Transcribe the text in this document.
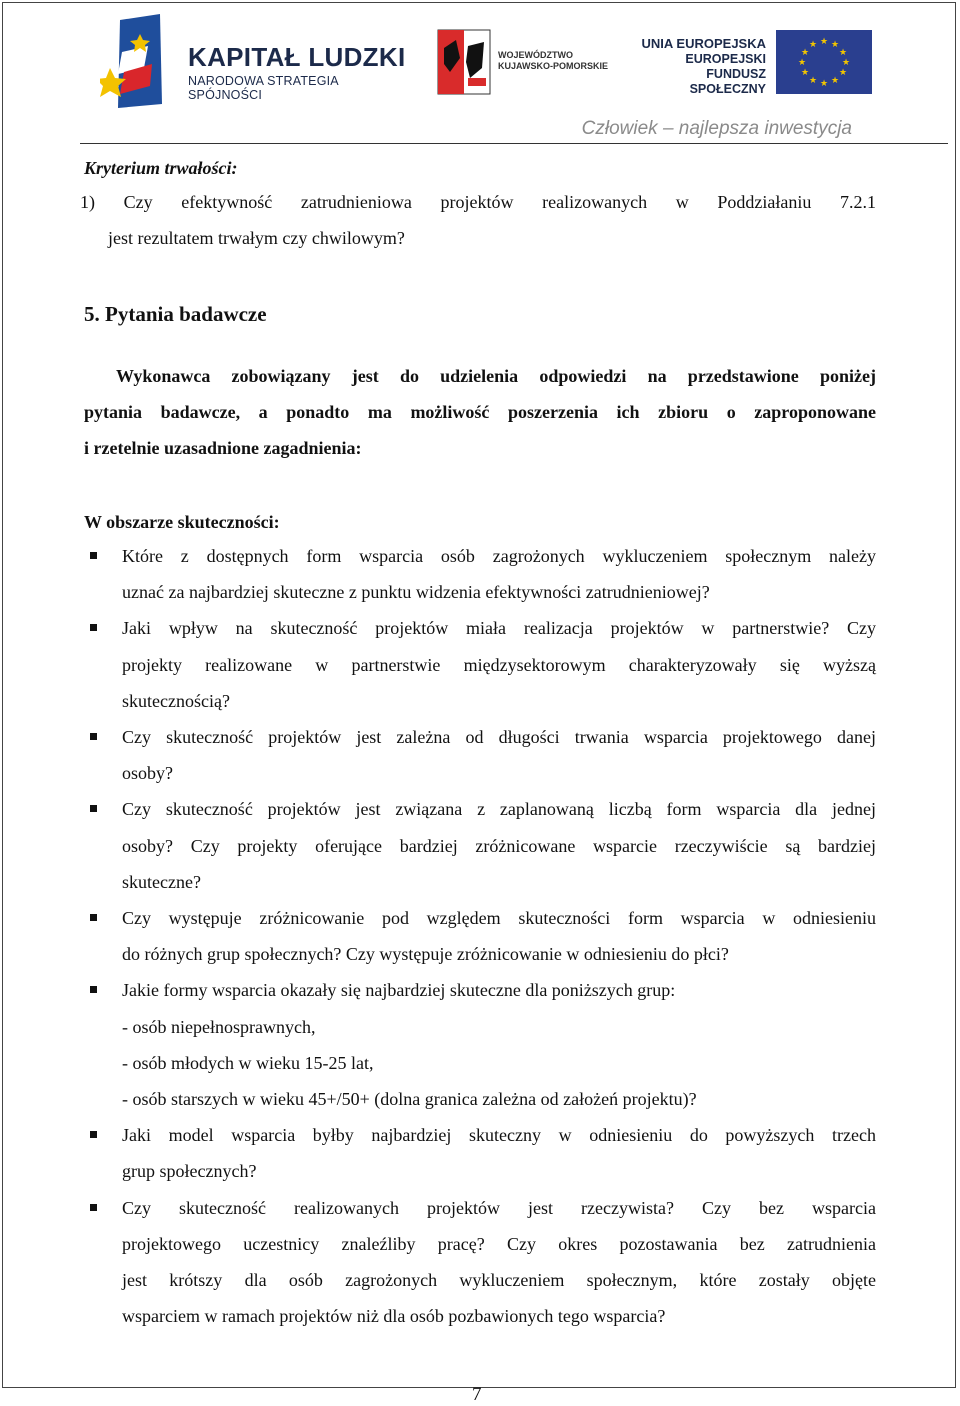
KAPITAŁ LUDZKI
NARODOWA STRATEGIA SPÓJNOŚCI
WOJEWÓDZTWO
KUJAWSKO-POMORSKIE
UNIA EUROPEJSKA
EUROPEJSKI
FUNDUSZ SPOŁECZNY
★ ★
★
★
★
★
★
★
★
★
★
★
Człowiek – najlepsza inwestycja
Kryterium trwałości:
1) Czy efektywność zatrudnieniowa projektów realizowanych w Poddziałaniu 7.2.1
jest rezultatem trwałym czy chwilowym?
5. Pytania badawcze
Wykonawca zobowiązany jest do udzielenia odpowiedzi na przedstawione poniżej
pytania badawcze, a ponadto ma możliwość poszerzenia ich zbioru o zaproponowane
i rzetelnie uzasadnione zagadnienia:
W obszarze skuteczności:
Które z dostępnych form wsparcia osób zagrożonych wykluczeniem społecznym należy
uznać za najbardziej skuteczne z punktu widzenia efektywności zatrudnieniowej?
Jaki wpływ na skuteczność projektów miała realizacja projektów w partnerstwie? Czy
projekty realizowane w partnerstwie międzysektorowym charakteryzowały się wyższą
skutecznością?
Czy skuteczność projektów jest zależna od długości trwania wsparcia projektowego danej
osoby?
Czy skuteczność projektów jest związana z zaplanowaną liczbą form wsparcia dla jednej
osoby? Czy projekty oferujące bardziej zróżnicowane wsparcie rzeczywiście są bardziej
skuteczne?
Czy występuje zróżnicowanie pod względem skuteczności form wsparcia w odniesieniu
do różnych grup społecznych? Czy występuje zróżnicowanie w odniesieniu do płci?
Jakie formy wsparcia okazały się najbardziej skuteczne dla poniższych grup:
- osób niepełnosprawnych,
- osób młodych w wieku 15-25 lat,
- osób starszych w wieku 45+/50+ (dolna granica zależna od założeń projektu)?
Jaki model wsparcia byłby najbardziej skuteczny w odniesieniu do powyższych trzech
grup społecznych?
Czy skuteczność realizowanych projektów jest rzeczywista? Czy bez wsparcia
projektowego uczestnicy znaleźliby pracę? Czy okres pozostawania bez zatrudnienia
jest krótszy dla osób zagrożonych wykluczeniem społecznym, które zostały objęte
wsparciem w ramach projektów niż dla osób pozbawionych tego wsparcia?
7
